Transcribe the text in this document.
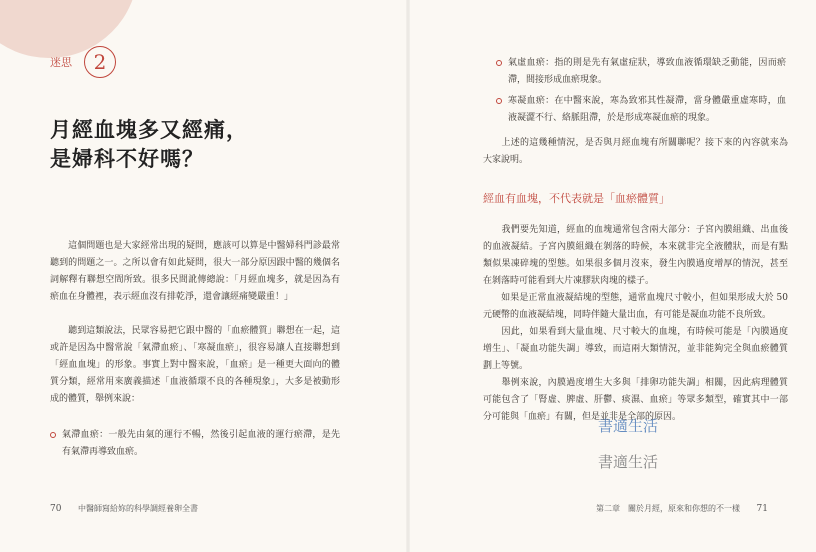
迷思	2
月經血塊多又經痛，
是婦科不好嗎？
　　這個問題也是大家經常出現的疑問，應該可以算是中醫婦科門診最常聽到的問題之一。之所以會有如此疑問，很大一部分原因跟中醫的幾個名詞解釋有聯想空間所致。很多民間訛傳總說：「月經血塊多，就是因為有瘀血在身體裡，表示經血沒有排乾淨，還會讓經痛變嚴重！」
　　聽到這類說法，民眾容易把它跟中醫的「血瘀體質」聯想在一起，這或許是因為中醫常說「氣滯血瘀」、「寒凝血瘀」，很容易讓人直接聯想到「經血血塊」的形象。事實上對中醫來說，「血瘀」是一種更大面向的體質分類，經常用來廣義描述「血液循環不良的各種現象」，大多是被動形成的體質，舉例來說：
氣滯血瘀：一般先由氣的運行不暢，然後引起血液的運行瘀滯，是先有氣滯再導致血瘀。
70 中醫師寫給妳的科學調經養卵全書
氣虛血瘀：指的則是先有氣虛症狀，導致血液循環缺乏動能，因而瘀滯，間接形成血瘀現象。
寒凝血瘀：在中醫來說，寒為致邪其性凝滯，當身體嚴重虛寒時，血液凝澀不行、絡脈阻滯，於是形成寒凝血瘀的現象。
　　上述的這幾種情況，是否與月經血塊有所關聯呢？接下來的內容就來為大家說明。
經血有血塊，不代表就是「血瘀體質」
　　我們要先知道，經血的血塊通常包含兩大部分：子宮內膜組織、出血後的血液凝結。子宮內膜組織在剝落的時候，本來就非完全液體狀，而是有點類似果凍碎塊的型態。如果很多個月沒來，發生內膜過度增厚的情況，甚至在剝落時可能看到大片凍膠狀肉塊的樣子。
　　如果是正常血液凝結塊的型態，通常血塊尺寸較小，但如果形成大於 50 元硬幣的血液凝結塊，同時伴隨大量出血，有可能是凝血功能不良所致。
　　因此，如果看到大量血塊、尺寸較大的血塊，有時候可能是「內膜過度增生」、「凝血功能失調」導致，而這兩大類情況，並非能夠完全與血瘀體質劃上等號。
　　舉例來說，內膜過度增生大多與「排卵功能失調」相關，因此病理體質可能包含了「腎虛、脾虛、肝鬱、痰濕、血瘀」等眾多類型，確實其中一部分可能與「血瘀」有關，但是並非是全部的原因。
書適生活
書適生活
第二章　關於月經，原來和你想的不一樣 71
